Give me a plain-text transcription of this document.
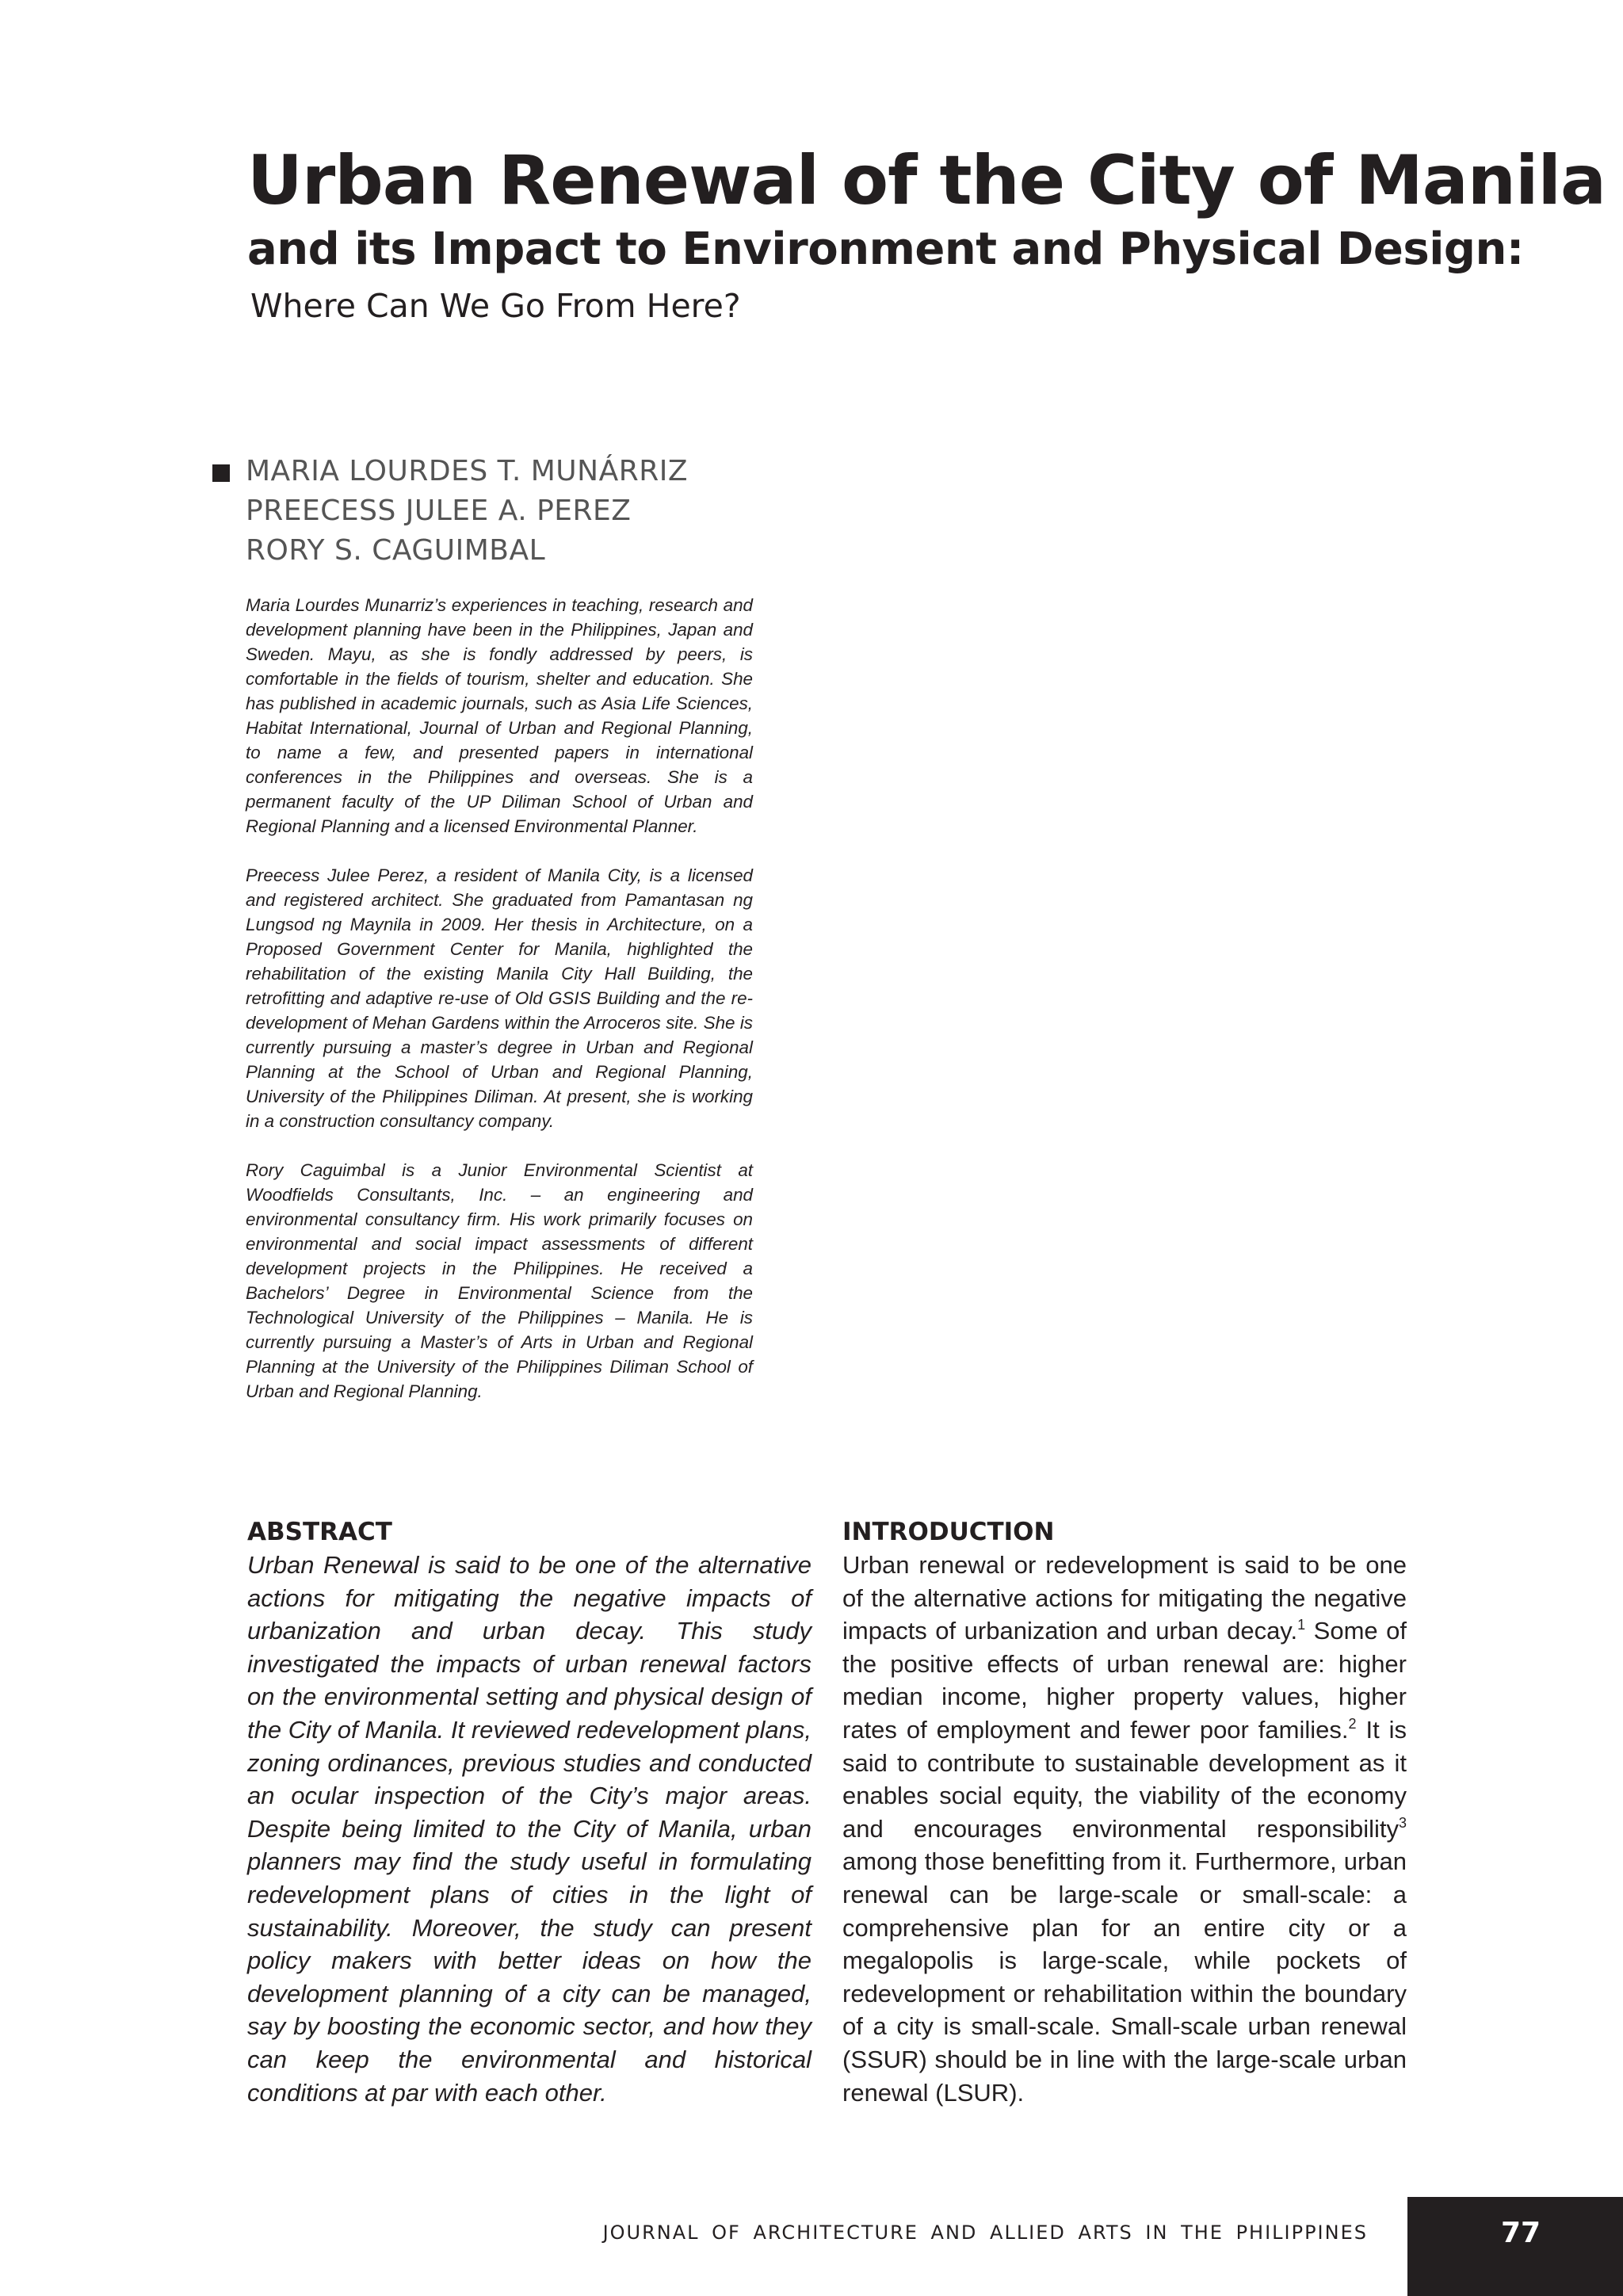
Urban Renewal of the City of Manila
and its Impact to Environment and Physical Design:
Where Can We Go From Here?
MARIA LOURDES T. MUNÁRRIZ
PREECESS JULEE A. PEREZ
RORY S. CAGUIMBAL

Maria Lourdes Munarriz’s experiences in teaching, research and development planning have been in the Philippines, Japan and Sweden. Mayu, as she is fondly addressed by peers, is comfortable in the fields of tourism, shelter and education. She has published in academic journals, such as Asia Life Sciences, Habitat International, Journal of Urban and Regional Planning, to name a few, and presented papers in international conferences in the Philippines and overseas. She is a permanent faculty of the UP Diliman School of Urban and Regional Planning and a licensed Environmental Planner.

Preecess Julee Perez, a resident of Manila City, is a licensed and registered architect. She graduated from Pamantasan ng Lungsod ng Maynila in 2009. Her thesis in Architecture, on a Proposed Government Center for Manila, highlighted the rehabilitation of the existing Manila City Hall Building, the retrofitting and adaptive re-use of Old GSIS Building and the re-development of Mehan Gardens within the Arroceros site. She is currently pursuing a master’s degree in Urban and Regional Planning at the School of Urban and Regional Planning, University of the Philippines Diliman. At present, she is working in a construction consultancy company.

Rory Caguimbal is a Junior Environmental Scientist at Woodfields Consultants, Inc. – an engineering and environmental consultancy firm. His work primarily focuses on environmental and social impact assessments of different development projects in the Philippines. He received a Bachelors’ Degree in Environmental Science from the Technological University of the Philippines – Manila. He is currently pursuing a Master’s of Arts in Urban and Regional Planning at the University of the Philippines Diliman School of Urban and Regional Planning.

ABSTRACT

Urban Renewal is said to be one of the alternative actions for mitigating the negative impacts of urbanization and urban decay. This study investigated the impacts of urban renewal factors on the environmental setting and physical design of the City of Manila. It reviewed redevelopment plans, zoning ordinances, previous studies and conducted an ocular inspection of the City’s major areas. Despite being limited to the City of Manila, urban planners may find the study useful in formulating redevelopment plans of cities in the light of sustainability. Moreover, the study can present policy makers with better ideas on how the development planning of a city can be managed, say by boosting the economic sector, and how they can keep the environmental and historical conditions at par with each other.

INTRODUCTION

Urban renewal or redevelopment is said to be one of the alternative actions for mitigating the negative impacts of urbanization and urban decay.$^1$ Some of the positive effects of urban renewal are: higher median income, higher property values, higher rates of employment and fewer poor families.$^2$ It is said to contribute to sustainable development as it enables social equity, the viability of the economy and encourages environmental responsibility$^3$ among those benefitting from it. Furthermore, urban renewal can be large-scale or small-scale: a comprehensive plan for an entire city or a megalopolis is large-scale, while pockets of redevelopment or rehabilitation within the boundary of a city is small-scale. Small-scale urban renewal (SSUR) should be in line with the large-scale urban renewal (LSUR).

JOURNAL OF ARCHITECTURE AND ALLIED ARTS IN THE PHILIPPINES	77
